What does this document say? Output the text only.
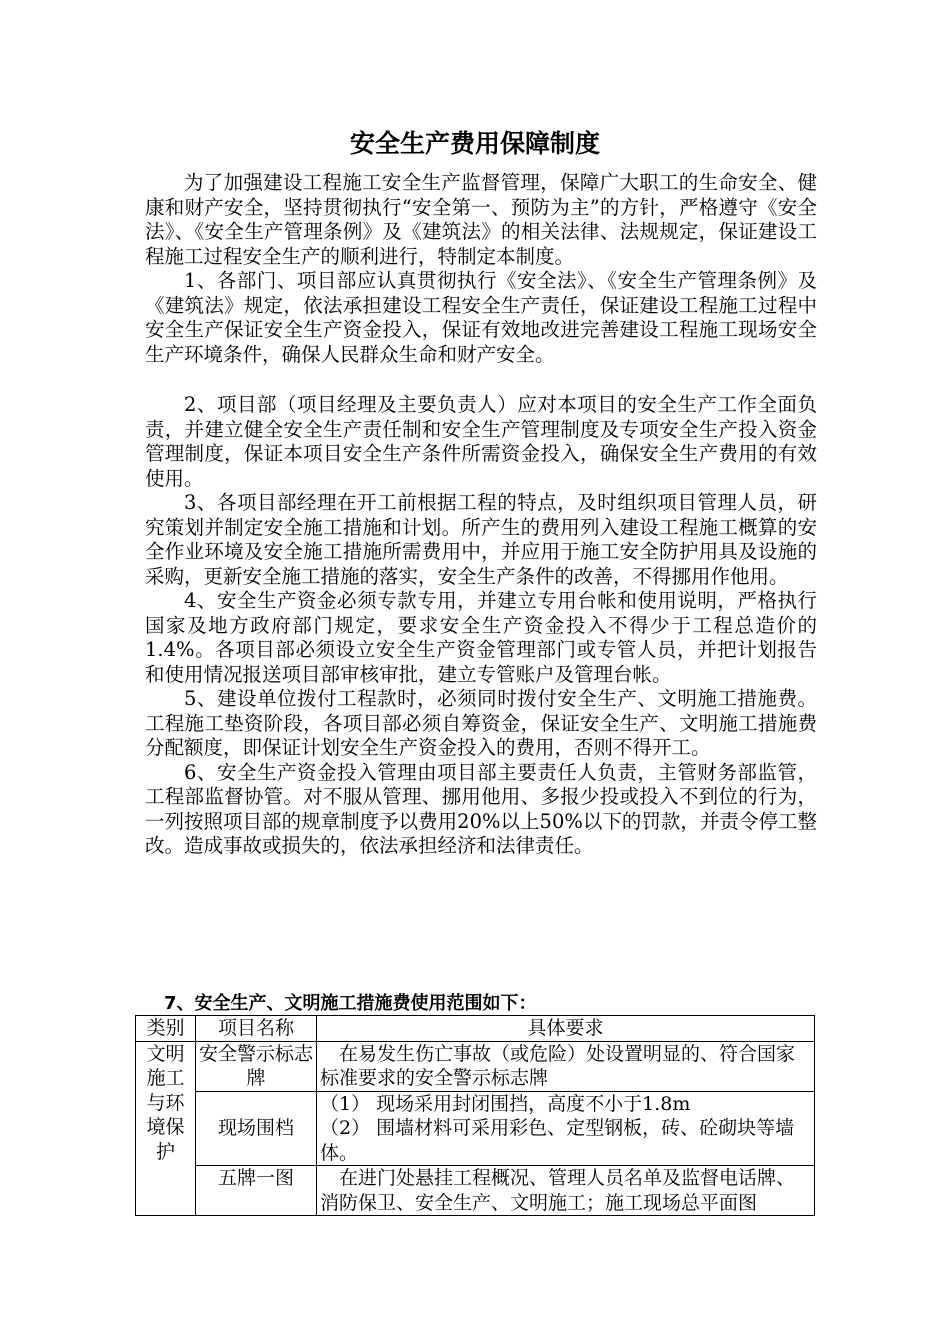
安全生产费用保障制度

为了加强建设工程施工安全生产监督管理，保障广大职工的生命安全、健康和财产安全，坚持贯彻执行“安全第一、预防为主”的方针，严格遵守《安全法》、《安全生产管理条例》及《建筑法》的相关法律、法规规定，保证建设工程施工过程安全生产的顺利进行，特制定本制度。

1、各部门、项目部应认真贯彻执行《安全法》、《安全生产管理条例》及《建筑法》规定，依法承担建设工程安全生产责任，保证建设工程施工过程中安全生产保证安全生产资金投入，保证有效地改进完善建设工程施工现场安全生产环境条件，确保人民群众生命和财产安全。

2、项目部（项目经理及主要负责人）应对本项目的安全生产工作全面负责，并建立健全安全生产责任制和安全生产管理制度及专项安全生产投入资金管理制度，保证本项目安全生产条件所需资金投入，确保安全生产费用的有效使用。

3、各项目部经理在开工前根据工程的特点，及时组织项目管理人员，研究策划并制定安全施工措施和计划。所产生的费用列入建设工程施工概算的安全作业环境及安全施工措施所需费用中，并应用于施工安全防护用具及设施的采购，更新安全施工措施的落实，安全生产条件的改善，不得挪用作他用。

4、安全生产资金必须专款专用，并建立专用台帐和使用说明，严格执行国家及地方政府部门规定，要求安全生产资金投入不得少于工程总造价的1.4%。各项目部必须设立安全生产资金管理部门或专管人员，并把计划报告和使用情况报送项目部审核审批，建立专管账户及管理台帐。

5、建设单位拨付工程款时，必须同时拨付安全生产、文明施工措施费。工程施工垫资阶段，各项目部必须自筹资金，保证安全生产、文明施工措施费分配额度，即保证计划安全生产资金投入的费用，否则不得开工。

6、安全生产资金投入管理由项目部主要责任人负责，主管财务部监管，工程部监督协管。对不服从管理、挪用他用、多报少投或投入不到位的行为，一列按照项目部的规章制度予以费用20%以上50%以下的罚款，并责令停工整改。造成事故或损失的，依法承担经济和法律责任。

7、安全生产、文明施工措施费使用范围如下：
类别	项目名称	具体要求
文明施工与环境保护	安全警示标志牌	在易发生伤亡事故（或危险）处设置明显的、符合国家标准要求的安全警示标志牌
	现场围档	（1） 现场采用封闭围挡，高度不小于1.8m
（2） 围墙材料可采用彩色、定型钢板，砖、砼砌块等墙体。

	五牌一图	在进门处悬挂工程概况、管理人员名单及监督电话牌、消防保卫、安全生产、文明施工；施工现场总平面图
